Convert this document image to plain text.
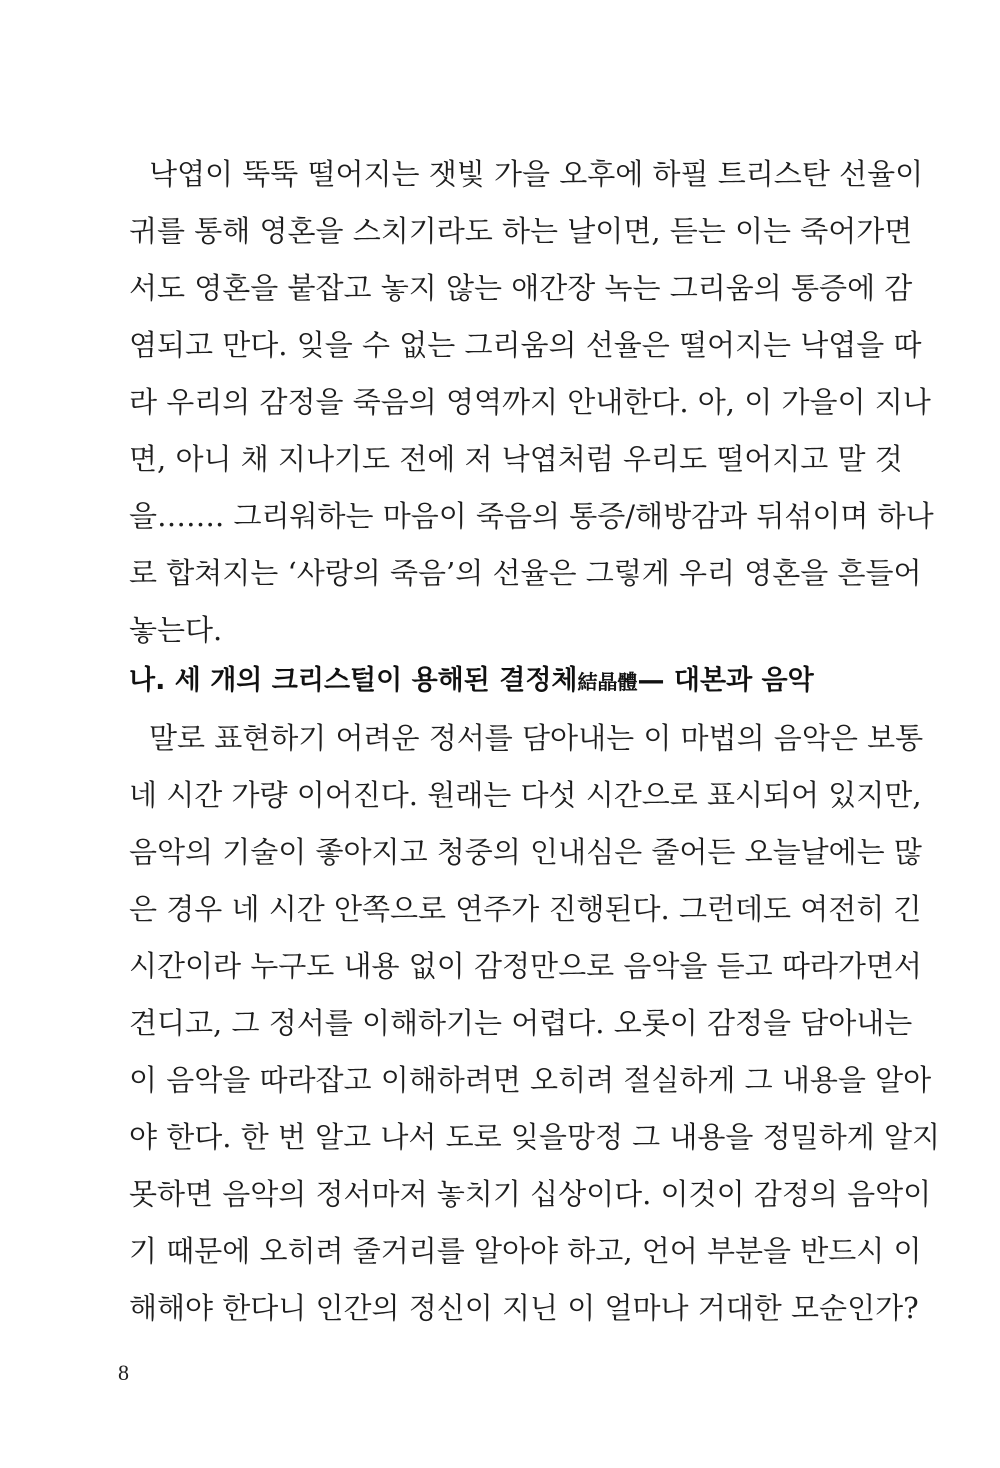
낙엽이 뚝뚝 떨어지는 잿빛 가을 오후에 하필 트리스탄 선율이
귀를 통해 영혼을 스치기라도 하는 날이면, 듣는 이는 죽어가면
서도 영혼을 붙잡고 놓지 않는 애간장 녹는 그리움의 통증에 감
염되고 만다. 잊을 수 없는 그리움의 선율은 떨어지는 낙엽을 따
라 우리의 감정을 죽음의 영역까지 안내한다. 아, 이 가을이 지나
면, 아니 채 지나기도 전에 저 낙엽처럼 우리도 떨어지고 말 것
을……. 그리워하는 마음이 죽음의 통증/해방감과 뒤섞이며 하나
로 합쳐지는 ‘사랑의 죽음’의 선율은 그렇게 우리 영혼을 흔들어
놓는다.
나. 세 개의 크리스털이 용해된 결정체結晶體— 대본과 음악
말로 표현하기 어려운 정서를 담아내는 이 마법의 음악은 보통
네 시간 가량 이어진다. 원래는 다섯 시간으로 표시되어 있지만,
음악의 기술이 좋아지고 청중의 인내심은 줄어든 오늘날에는 많
은 경우 네 시간 안쪽으로 연주가 진행된다. 그런데도 여전히 긴
시간이라 누구도 내용 없이 감정만으로 음악을 듣고 따라가면서
견디고, 그 정서를 이해하기는 어렵다. 오롯이 감정을 담아내는
이 음악을 따라잡고 이해하려면 오히려 절실하게 그 내용을 알아
야 한다. 한 번 알고 나서 도로 잊을망정 그 내용을 정밀하게 알지
못하면 음악의 정서마저 놓치기 십상이다. 이것이 감정의 음악이
기 때문에 오히려 줄거리를 알아야 하고, 언어 부분을 반드시 이
해해야 한다니 인간의 정신이 지닌 이 얼마나 거대한 모순인가?
8
